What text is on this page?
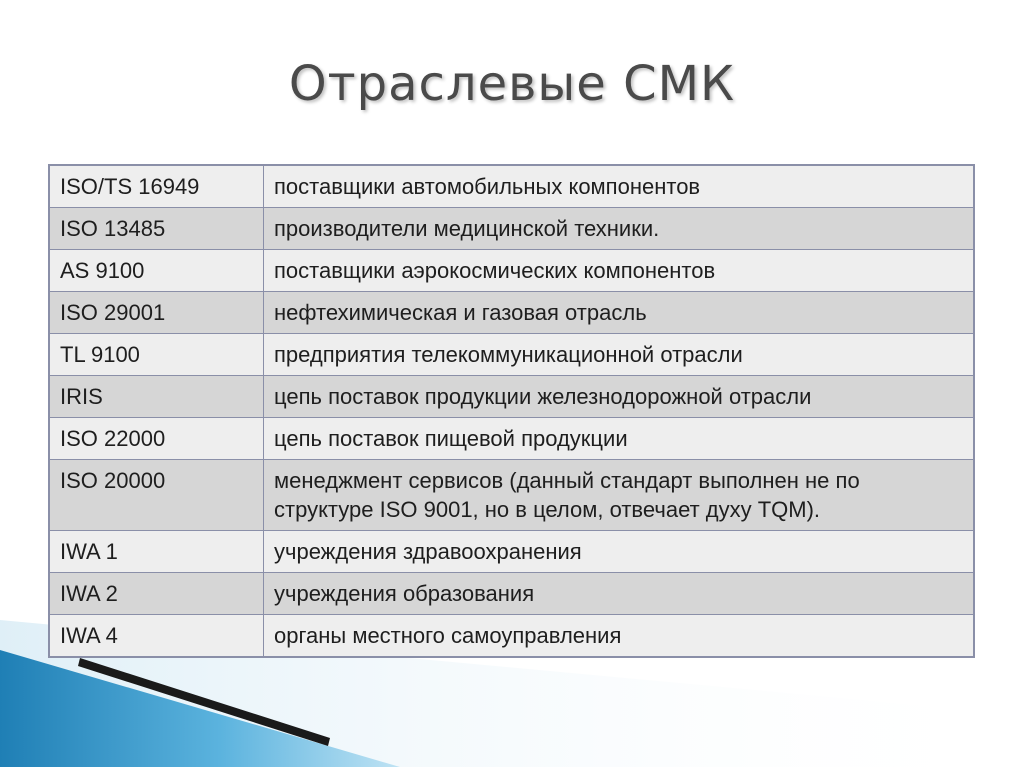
Отраслевые СМК
ISO/TS 16949	поставщики автомобильных компонентов
ISO 13485	производители медицинской техники.
AS 9100	поставщики аэрокосмических компонентов
ISO 29001	нефтехимическая и газовая отрасль
TL 9100	предприятия телекоммуникационной отрасли
IRIS	цепь поставок продукции железнодорожной отрасли
ISO 22000	цепь поставок пищевой продукции
ISO 20000	менеджмент сервисов (данный стандарт выполнен не по структуре ISO 9001, но в целом, отвечает духу TQM).
IWA 1	учреждения здравоохранения
IWA 2	учреждения образования
IWA 4	органы местного самоуправления
